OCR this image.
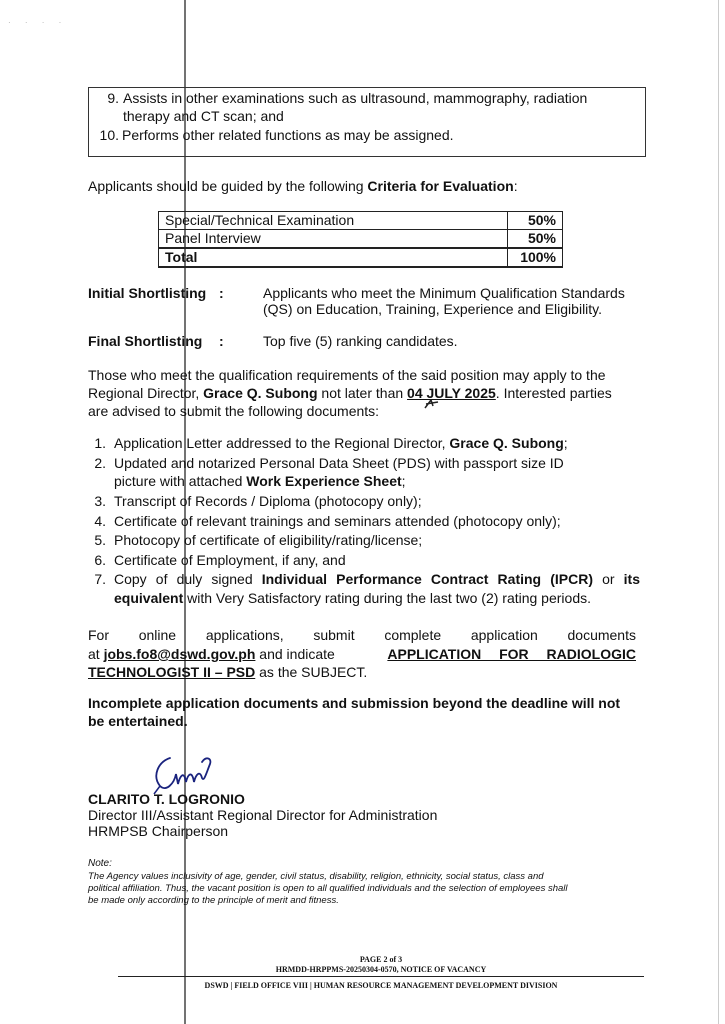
· · · ·
9. Assists in other examinations such as ultrasound, mammography, radiation
therapy and CT scan; and
10. Performs other related functions as may be assigned.
Applicants should be guided by the following Criteria for Evaluation:
Special/Technical Examination	50%
Panel Interview	50%
Total	100%
Initial Shortlisting :	Applicants who meet the Minimum Qualification Standards
(QS) on Education, Training, Experience and Eligibility.
Final Shortlisting :	Top five (5) ranking candidates.
Those who meet the qualification requirements of the said position may apply to the
Regional Director, Grace Q. Subong not later than 04 JULY 2025. Interested parties
are advised to submit the following documents:
1. Application Letter addressed to the Regional Director, Grace Q. Subong;
2. Updated and notarized Personal Data Sheet (PDS) with passport size ID
picture with attached Work Experience Sheet;
3. Transcript of Records / Diploma (photocopy only);
4. Certificate of relevant trainings and seminars attended (photocopy only);
5. Photocopy of certificate of eligibility/rating/license;
6. Certificate of Employment, if any, and
7. Copy of duly signed Individual Performance Contract Rating (IPCR) or its equivalent with Very Satisfactory rating during the last two (2) rating periods.
For online applications, submit complete application documents
at jobs.fo8@dswd.gov.ph and indicate	APPLICATION FOR RADIOLOGIC
TECHNOLOGIST II – PSD as the SUBJECT.
Incomplete application documents and submission beyond the deadline will not
be entertained.
CLARITO T. LOGRONIO
Director III/Assistant Regional Director for Administration
HRMPSB Chairperson
Note:
The Agency values inclusivity of age, gender, civil status, disability, religion, ethnicity, social status, class and
political affiliation. Thus, the vacant position is open to all qualified individuals and the selection of employees shall
be made only according to the principle of merit and fitness.
PAGE 2 of 3
HRMDD-HRPPMS-20250304-0570, NOTICE OF VACANCY
DSWD | FIELD OFFICE VIII | HUMAN RESOURCE MANAGEMENT DEVELOPMENT DIVISION
